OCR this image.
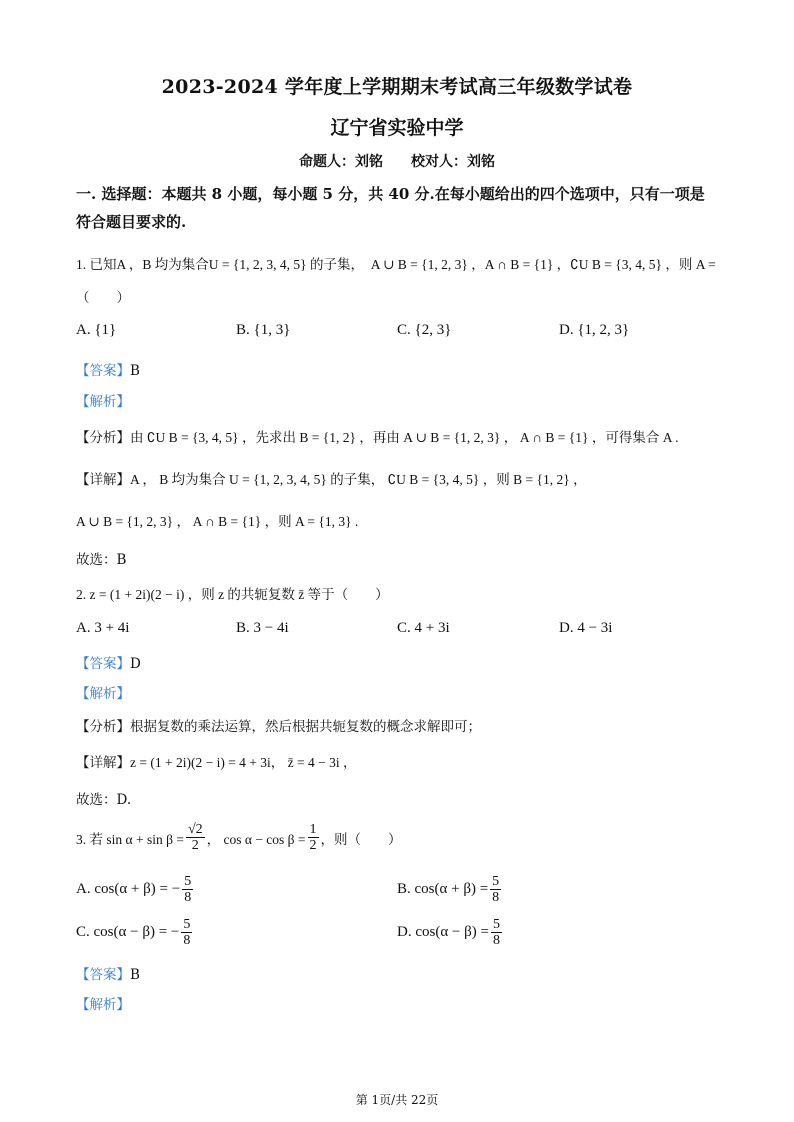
2023-2024 学年度上学期期末考试高三年级数学试卷
辽宁省实验中学
命题人：刘铭　　校对人：刘铭
一. 选择题：本题共 8 小题，每小题 5 分，共 40 分.在每小题给出的四个选项中，只有一项是
符合题目要求的.
1. 已知A ，B 均为集合U = {1, 2, 3, 4, 5} 的子集，　A ∪ B = {1, 2, 3} ，A ∩ B = {1} ，∁U B = {3, 4, 5} ，则 A =
（　　）
A. {1}	B. {1, 3}	C. {2, 3}	D. {1, 2, 3}
【答案】B
【解析】
【分析】由 ∁U B = {3, 4, 5} ，先求出 B = {1, 2} ，再由 A ∪ B = {1, 2, 3} ， A ∩ B = {1} ，可得集合 A .
【详解】A ， B 均为集合 U = {1, 2, 3, 4, 5} 的子集， ∁U B = {3, 4, 5} ，则 B = {1, 2} ，
A ∪ B = {1, 2, 3} ， A ∩ B = {1} ，则 A = {1, 3} .
故选：B
2. z = (1 + 2i)(2 − i) ，则 z 的共轭复数 z̄ 等于（　　）
A. 3 + 4i	B. 3 − 4i	C. 4 + 3i	D. 4 − 3i
【答案】D
【解析】
【分析】根据复数的乘法运算，然后根据共轭复数的概念求解即可；
【详解】z = (1 + 2i)(2 − i) = 4 + 3i， z̄ = 4 − 3i ，
故选：D.
3. 若 $\sin \alpha + \sin \beta = \frac{√2}{2}$ ， $\cos \alpha - \cos \beta = \frac{1}{2}$ ，则（　　）
A. cos(α + β) = − $\frac{5}{8}$	B. $\cos(\alpha + \beta) = \frac{5}{8}$
C. cos(α − β) = − $\frac{5}{8}$	D. $\cos(\alpha - \beta) = \frac{5}{8}$
【答案】B
【解析】
第 1页/共 22页
